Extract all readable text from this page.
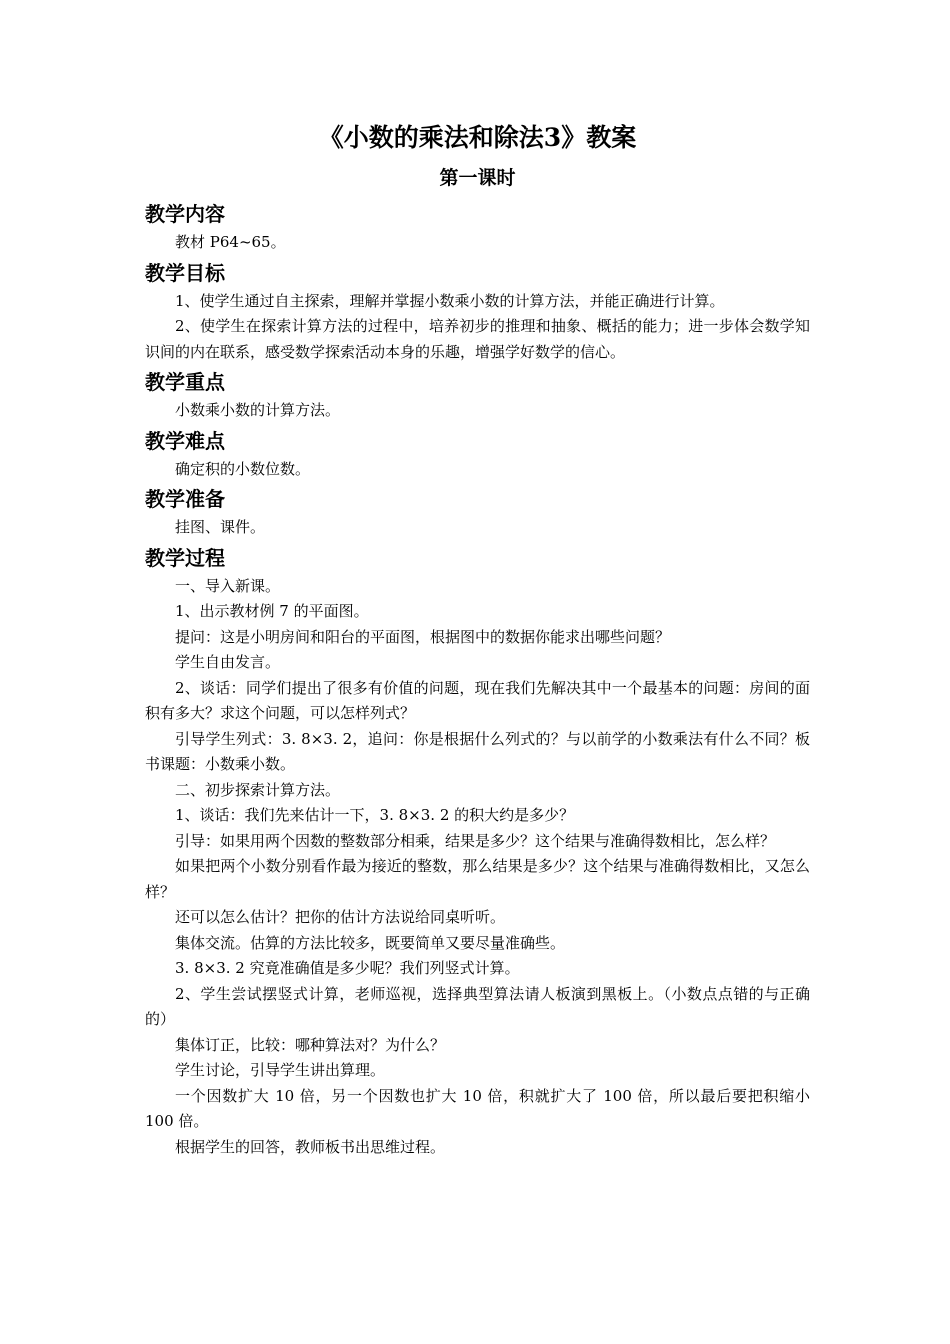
《小数的乘法和除法3》教案
第一课时
教学内容

教材 P64~65。

教学目标

1、使学生通过自主探索，理解并掌握小数乘小数的计算方法，并能正确进行计算。

2、使学生在探索计算方法的过程中，培养初步的推理和抽象、概括的能力；进一步体会数学知识间的内在联系，感受数学探索活动本身的乐趣，增强学好数学的信心。

教学重点

小数乘小数的计算方法。

教学难点

确定积的小数位数。

教学准备

挂图、课件。

教学过程

一、导入新课。

1、出示教材例 7 的平面图。

提问：这是小明房间和阳台的平面图，根据图中的数据你能求出哪些问题？

学生自由发言。

2、谈话：同学们提出了很多有价值的问题，现在我们先解决其中一个最基本的问题：房间的面积有多大？求这个问题，可以怎样列式？

引导学生列式：3. 8×3. 2，追问：你是根据什么列式的？与以前学的小数乘法有什么不同？板书课题：小数乘小数。

二、初步探索计算方法。

1、谈话：我们先来估计一下，3. 8×3. 2 的积大约是多少？

引导：如果用两个因数的整数部分相乘，结果是多少？这个结果与准确得数相比，怎么样？

如果把两个小数分别看作最为接近的整数，那么结果是多少？这个结果与准确得数相比，又怎么样？

还可以怎么估计？把你的估计方法说给同桌听听。

集体交流。估算的方法比较多，既要简单又要尽量准确些。

3. 8×3. 2 究竟准确值是多少呢？我们列竖式计算。

2、学生尝试摆竖式计算，老师巡视，选择典型算法请人板演到黑板上。（小数点点错的与正确的）

集体订正，比较：哪种算法对？为什么？

学生讨论，引导学生讲出算理。

一个因数扩大 10 倍，另一个因数也扩大 10 倍，积就扩大了 100 倍，所以最后要把积缩小 100 倍。

根据学生的回答，教师板书出思维过程。
